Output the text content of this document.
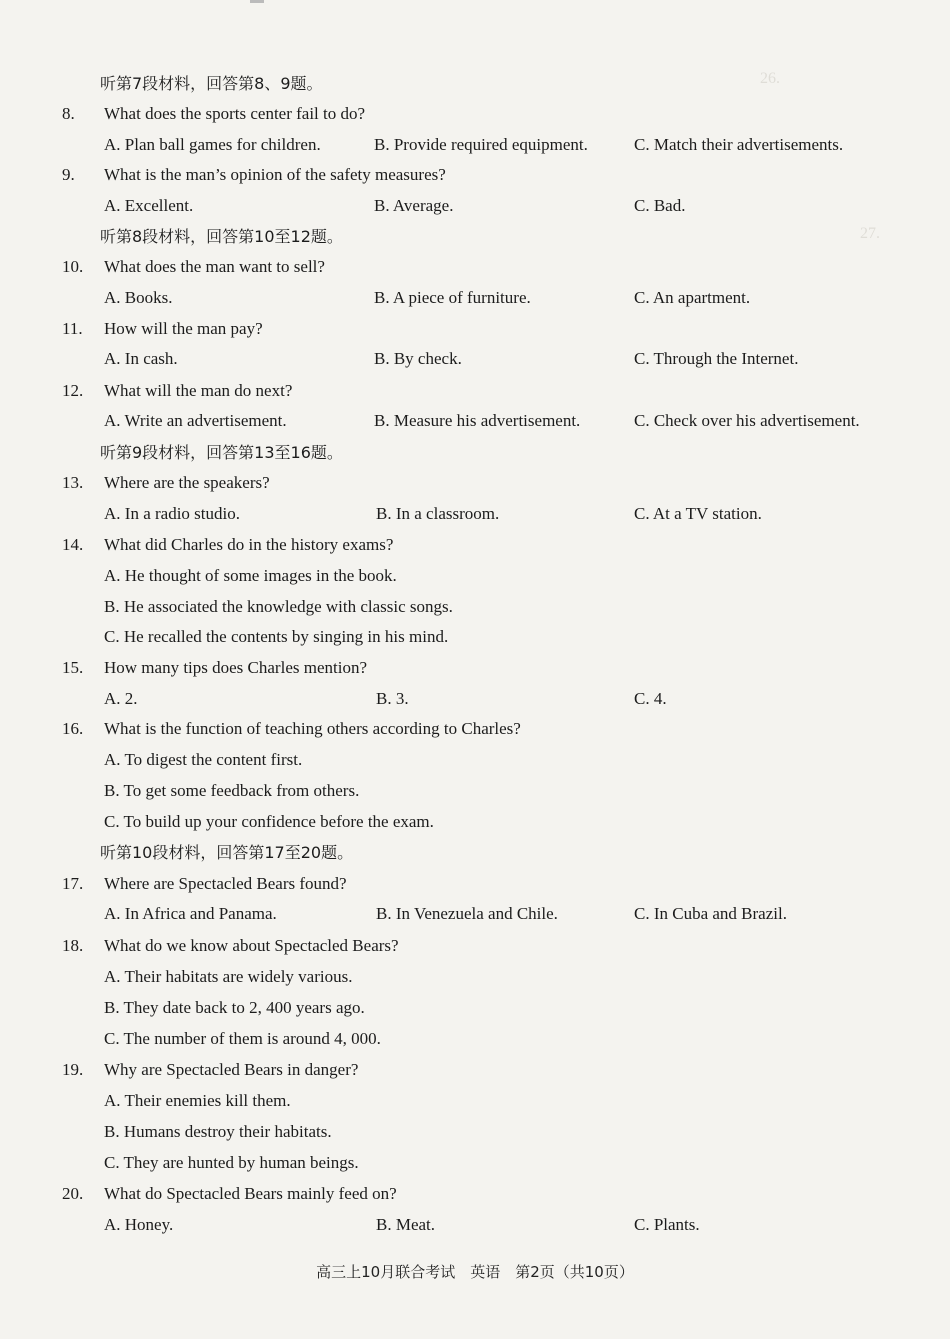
26.
27.

听第7段材料，回答第8、9题。
8.	What does the sports center fail to do?
A. Plan ball games for children.	B. Provide required equipment.	C. Match their advertisements.
9.	What is the man’s opinion of the safety measures?
A. Excellent.	B. Average.	C. Bad.
听第8段材料，回答第10至12题。
10.	What does the man want to sell?
A. Books.	B. A piece of furniture.	C. An apartment.
11.	How will the man pay?
A. In cash.	B. By check.	C. Through the Internet.
12.	What will the man do next?
A. Write an advertisement.	B. Measure his advertisement.	C. Check over his advertisement.
听第9段材料，回答第13至16题。
13.	Where are the speakers?
A. In a radio studio.	B. In a classroom.	C. At a TV station.
14.	What did Charles do in the history exams?
A. He thought of some images in the book.
B. He associated the knowledge with classic songs.
C. He recalled the contents by singing in his mind.
15.	How many tips does Charles mention?
A. 2.	B. 3.	C. 4.
16.	What is the function of teaching others according to Charles?
A. To digest the content first.
B. To get some feedback from others.
C. To build up your confidence before the exam.
听第10段材料，回答第17至20题。
17.	Where are Spectacled Bears found?
A. In Africa and Panama.	B. In Venezuela and Chile.	C. In Cuba and Brazil.
18.	What do we know about Spectacled Bears?
A. Their habitats are widely various.
B. They date back to 2, 400 years ago.
C. The number of them is around 4, 000.
19.	Why are Spectacled Bears in danger?
A. Their enemies kill them.
B. Humans destroy their habitats.
C. They are hunted by human beings.
20.	What do Spectacled Bears mainly feed on?
A. Honey.	B. Meat.	C. Plants.
高三上10月联合考试　英语　第2页（共10页）
